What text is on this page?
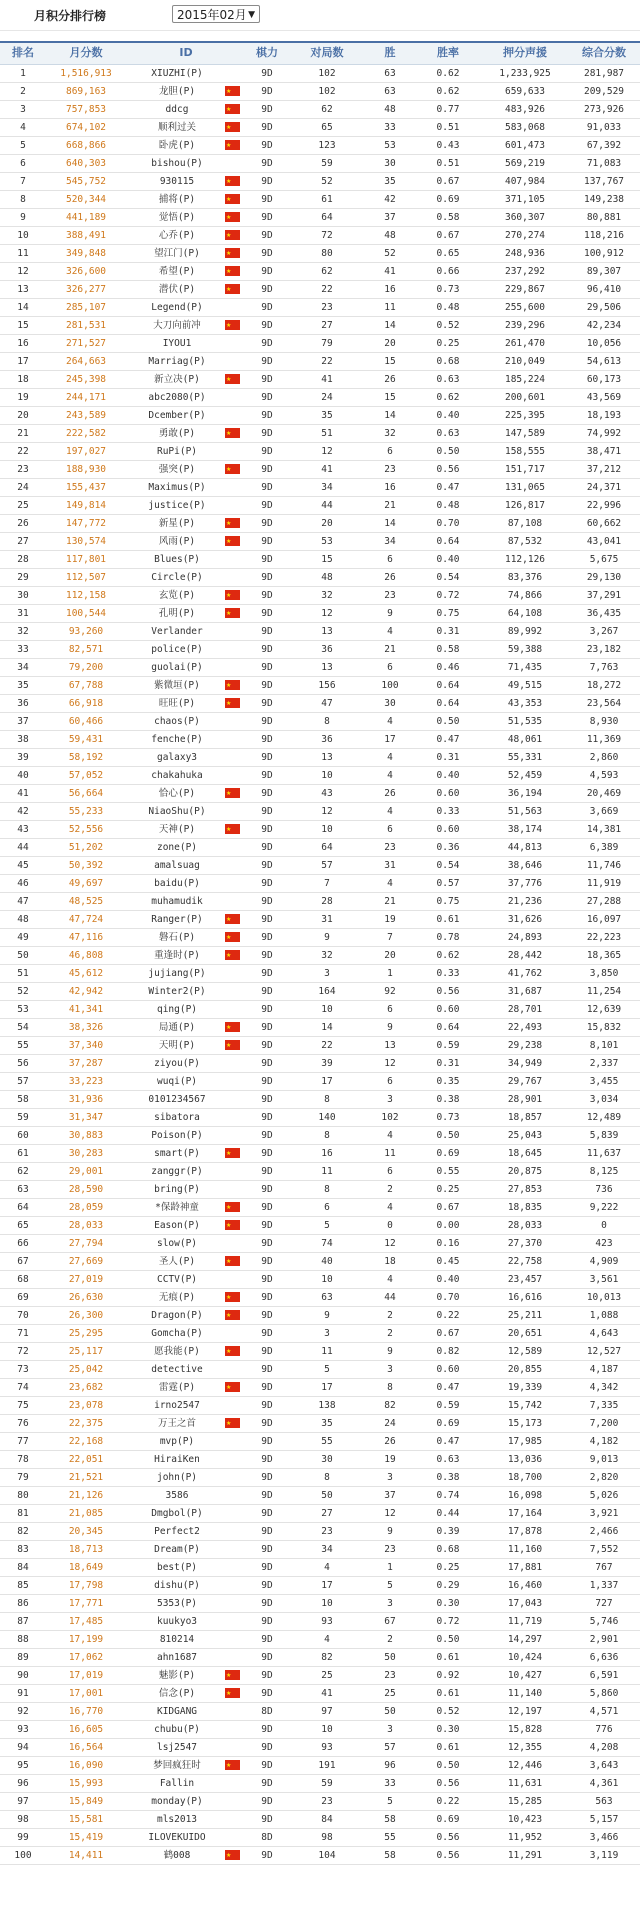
月积分排行榜	2015年02月 ▼
排名	月分数	ID	棋力	对局数	胜	胜率	押分声援	综合分数
1	1,516,913	XIUZHI(P)	9D	102	63	0.62	1,233,925	281,987
2	869,163	龙胆(P) ★	9D	102	63	0.62	659,633	209,529
3	757,853	ddcg ★	9D	62	48	0.77	483,926	273,926
4	674,102	顺利过关 ★	9D	65	33	0.51	583,068	91,033
5	668,866	卧虎(P) ★	9D	123	53	0.43	601,473	67,392
6	640,303	bishou(P)	9D	59	30	0.51	569,219	71,083
7	545,752	930115 ★	9D	52	35	0.67	407,984	137,767
8	520,344	捕将(P) ★	9D	61	42	0.69	371,105	149,238
9	441,189	觉悟(P) ★	9D	64	37	0.58	360,307	80,881
10	388,491	心乔(P) ★	9D	72	48	0.67	270,274	118,216
11	349,848	望江门(P) ★	9D	80	52	0.65	248,936	100,912
12	326,600	希望(P) ★	9D	62	41	0.66	237,292	89,307
13	326,277	潜伏(P) ★	9D	22	16	0.73	229,867	96,410
14	285,107	Legend(P)	9D	23	11	0.48	255,600	29,506
15	281,531	大刀向前冲 ★	9D	27	14	0.52	239,296	42,234
16	271,527	IYOU1	9D	79	20	0.25	261,470	10,056
17	264,663	Marriag(P)	9D	22	15	0.68	210,049	54,613
18	245,398	新立决(P) ★	9D	41	26	0.63	185,224	60,173
19	244,171	abc2080(P)	9D	24	15	0.62	200,601	43,569
20	243,589	Dcember(P)	9D	35	14	0.40	225,395	18,193
21	222,582	勇敢(P) ★	9D	51	32	0.63	147,589	74,992
22	197,027	RuPi(P)	9D	12	6	0.50	158,555	38,471
23	188,930	强突(P) ★	9D	41	23	0.56	151,717	37,212
24	155,437	Maximus(P)	9D	34	16	0.47	131,065	24,371
25	149,814	justice(P)	9D	44	21	0.48	126,817	22,996
26	147,772	新星(P) ★	9D	20	14	0.70	87,108	60,662
27	130,574	风雨(P) ★	9D	53	34	0.64	87,532	43,041
28	117,801	Blues(P)	9D	15	6	0.40	112,126	5,675
29	112,507	Circle(P)	9D	48	26	0.54	83,376	29,130
30	112,158	玄览(P) ★	9D	32	23	0.72	74,866	37,291
31	100,544	孔明(P) ★	9D	12	9	0.75	64,108	36,435
32	93,260	Verlander	9D	13	4	0.31	89,992	3,267
33	82,571	police(P)	9D	36	21	0.58	59,388	23,182
34	79,200	guolai(P)	9D	13	6	0.46	71,435	7,763
35	67,788	紫微垣(P) ★	9D	156	100	0.64	49,515	18,272
36	66,918	旺旺(P) ★	9D	47	30	0.64	43,353	23,564
37	60,466	chaos(P)	9D	8	4	0.50	51,535	8,930
38	59,431	fenche(P)	9D	36	17	0.47	48,061	11,369
39	58,192	galaxy3	9D	13	4	0.31	55,331	2,860
40	57,052	chakahuka	9D	10	4	0.40	52,459	4,593
41	56,664	恰心(P) ★	9D	43	26	0.60	36,194	20,469
42	55,233	NiaoShu(P)	9D	12	4	0.33	51,563	3,669
43	52,556	天神(P) ★	9D	10	6	0.60	38,174	14,381
44	51,202	zone(P)	9D	64	23	0.36	44,813	6,389
45	50,392	amalsuag	9D	57	31	0.54	38,646	11,746
46	49,697	baidu(P)	9D	7	4	0.57	37,776	11,919
47	48,525	muhamudik	9D	28	21	0.75	21,236	27,288
48	47,724	Ranger(P) ★	9D	31	19	0.61	31,626	16,097
49	47,116	磐石(P) ★	9D	9	7	0.78	24,893	22,223
50	46,808	重逢时(P) ★	9D	32	20	0.62	28,442	18,365
51	45,612	jujiang(P)	9D	3	1	0.33	41,762	3,850
52	42,942	Winter2(P)	9D	164	92	0.56	31,687	11,254
53	41,341	qing(P)	9D	10	6	0.60	28,701	12,639
54	38,326	局通(P) ★	9D	14	9	0.64	22,493	15,832
55	37,340	天明(P) ★	9D	22	13	0.59	29,238	8,101
56	37,287	ziyou(P)	9D	39	12	0.31	34,949	2,337
57	33,223	wuqi(P)	9D	17	6	0.35	29,767	3,455
58	31,936	0101234567	9D	8	3	0.38	28,901	3,034
59	31,347	sibatora	9D	140	102	0.73	18,857	12,489
60	30,883	Poison(P)	9D	8	4	0.50	25,043	5,839
61	30,283	smart(P) ★	9D	16	11	0.69	18,645	11,637
62	29,001	zanggr(P)	9D	11	6	0.55	20,875	8,125
63	28,590	bring(P)	9D	8	2	0.25	27,853	736
64	28,059	*保龄神童 ★	9D	6	4	0.67	18,835	9,222
65	28,033	Eason(P) ★	9D	5	0	0.00	28,033	0
66	27,794	slow(P)	9D	74	12	0.16	27,370	423
67	27,669	圣人(P) ★	9D	40	18	0.45	22,758	4,909
68	27,019	CCTV(P)	9D	10	4	0.40	23,457	3,561
69	26,630	无痕(P) ★	9D	63	44	0.70	16,616	10,013
70	26,300	Dragon(P) ★	9D	9	2	0.22	25,211	1,088
71	25,295	Gomcha(P)	9D	3	2	0.67	20,651	4,643
72	25,117	愿我能(P) ★	9D	11	9	0.82	12,589	12,527
73	25,042	detective	9D	5	3	0.60	20,855	4,187
74	23,682	雷霆(P) ★	9D	17	8	0.47	19,339	4,342
75	23,078	irno2547	9D	138	82	0.59	15,742	7,335
76	22,375	万王之首 ★	9D	35	24	0.69	15,173	7,200
77	22,168	mvp(P)	9D	55	26	0.47	17,985	4,182
78	22,051	HiraiKen	9D	30	19	0.63	13,036	9,013
79	21,521	john(P)	9D	8	3	0.38	18,700	2,820
80	21,126	3586	9D	50	37	0.74	16,098	5,026
81	21,085	Dmgbol(P)	9D	27	12	0.44	17,164	3,921
82	20,345	Perfect2	9D	23	9	0.39	17,878	2,466
83	18,713	Dream(P)	9D	34	23	0.68	11,160	7,552
84	18,649	best(P)	9D	4	1	0.25	17,881	767
85	17,798	dishu(P)	9D	17	5	0.29	16,460	1,337
86	17,771	5353(P)	9D	10	3	0.30	17,043	727
87	17,485	kuukyo3	9D	93	67	0.72	11,719	5,746
88	17,199	810214	9D	4	2	0.50	14,297	2,901
89	17,062	ahn1687	9D	82	50	0.61	10,424	6,636
90	17,019	魅影(P) ★	9D	25	23	0.92	10,427	6,591
91	17,001	信念(P) ★	9D	41	25	0.61	11,140	5,860
92	16,770	KIDGANG	8D	97	50	0.52	12,197	4,571
93	16,605	chubu(P)	9D	10	3	0.30	15,828	776
94	16,564	lsj2547	9D	93	57	0.61	12,355	4,208
95	16,090	梦回疯狂时 ★	9D	191	96	0.50	12,446	3,643
96	15,993	Fallin	9D	59	33	0.56	11,631	4,361
97	15,849	monday(P)	9D	23	5	0.22	15,285	563
98	15,581	mls2013	9D	84	58	0.69	10,423	5,157
99	15,419	ILOVEKUIDO	8D	98	55	0.56	11,952	3,466
100	14,411	鹤008 ★	9D	104	58	0.56	11,291	3,119
